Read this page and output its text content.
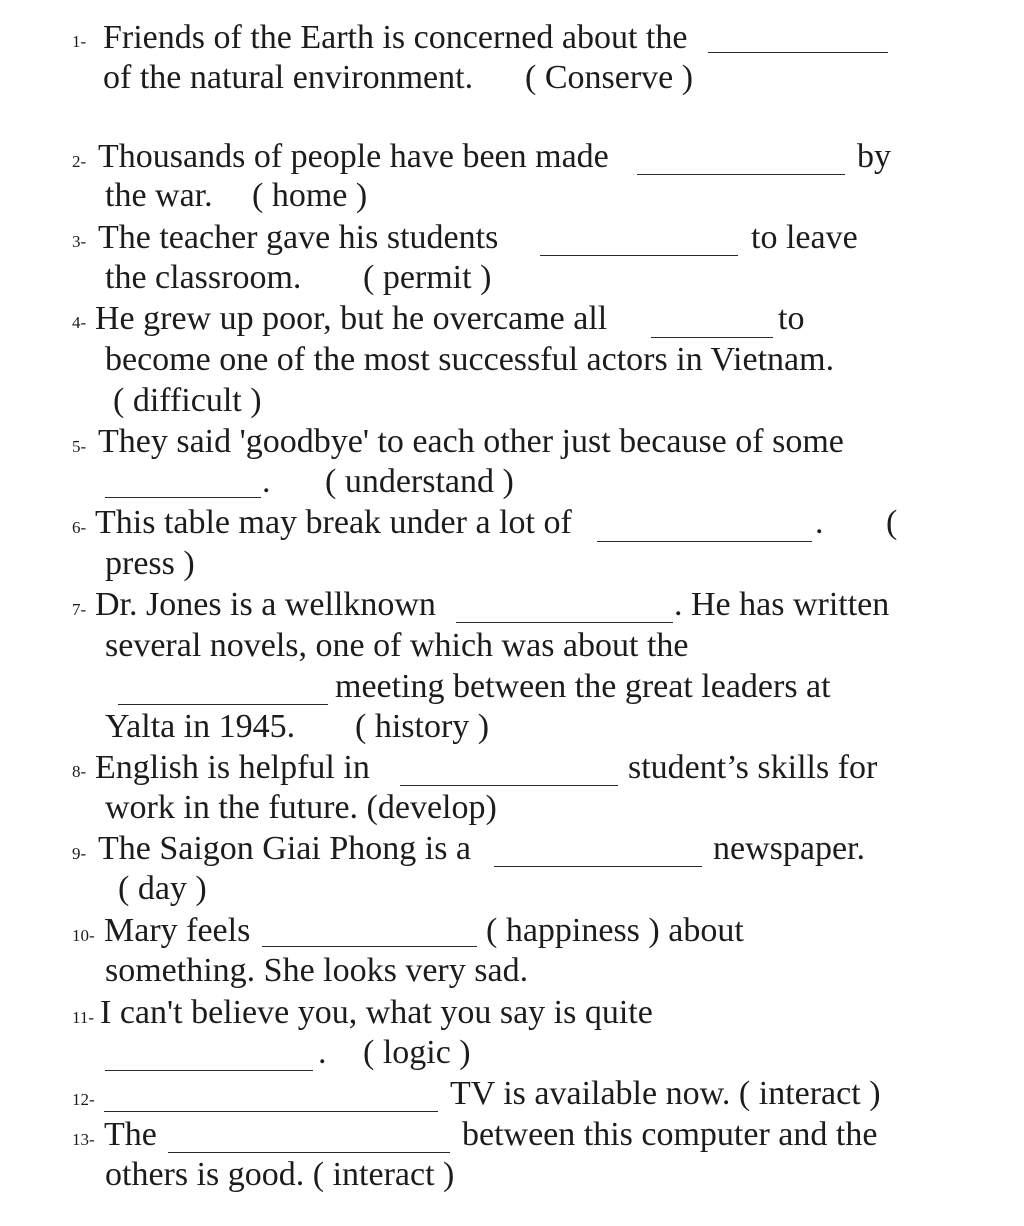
1- Friends of the Earth is concerned about the
of the natural environment. ( Conserve )
2- Thousands of people have been made	by
the war. ( home )
3- The teacher gave his students	to leave
the classroom. ( permit )
4- He grew up poor, but he overcame all	to
become one of the most successful actors in Vietnam.
( difficult )
5- They said 'goodbye' to each other just because of some
. ( understand )
6- This table may break under a lot of	. (
press )
7- Dr. Jones is a wellknown	. He has written
several novels, one of which was about the
meeting between the great leaders at
Yalta in 1945. ( history )
8- English is helpful in	student’s skills for
work in the future. (develop)
9- The Saigon Giai Phong is a	newspaper.
( day )
10- Mary feels	( happiness ) about
something. She looks very sad.
11- I can't believe you, what you say is quite
. ( logic )
12-	TV is available now. ( interact )
13- The	between this computer and the
others is good. ( interact )
